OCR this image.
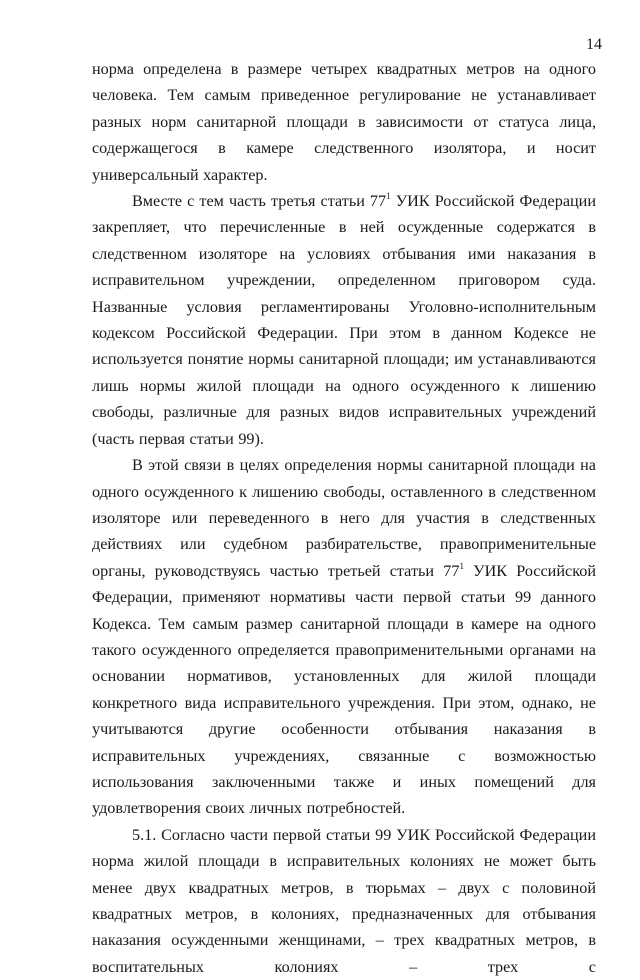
14

норма определена в размере четырех квадратных метров на одного человека. Тем самым приведенное регулирование не устанавливает разных норм санитарной площади в зависимости от статуса лица, содержащегося в камере следственного изолятора, и носит универсальный характер.

Вместе с тем часть третья статьи $77^1$ УИК Российской Федерации закрепляет, что перечисленные в ней осужденные содержатся в следственном изоляторе на условиях отбывания ими наказания в исправительном учреждении, определенном приговором суда. Названные условия регламентированы Уголовно-исполнительным кодексом Российской Федерации. При этом в данном Кодексе не используется понятие нормы санитарной площади; им устанавливаются лишь нормы жилой площади на одного осужденного к лишению свободы, различные для разных видов исправительных учреждений (часть первая статьи 99).

В этой связи в целях определения нормы санитарной площади на одного осужденного к лишению свободы, оставленного в следственном изоляторе или переведенного в него для участия в следственных действиях или судебном разбирательстве, правоприменительные органы, руководствуясь частью третьей статьи $77^1$ УИК Российской Федерации, применяют нормативы части первой статьи 99 данного Кодекса. Тем самым размер санитарной площади в камере на одного такого осужденного определяется правоприменительными органами на основании нормативов, установленных для жилой площади конкретного вида исправительного учреждения. При этом, однако, не учитываются другие особенности отбывания наказания в исправительных учреждениях, связанные с возможностью использования заключенными также и иных помещений для удовлетворения своих личных потребностей.

5.1. Согласно части первой статьи 99 УИК Российской Федерации норма жилой площади в исправительных колониях не может быть менее двух квадратных метров, в тюрьмах – двух с половиной квадратных метров, в колониях, предназначенных для отбывания наказания осужденными женщинами, – трех квадратных метров, в воспитательных колониях – трех с
